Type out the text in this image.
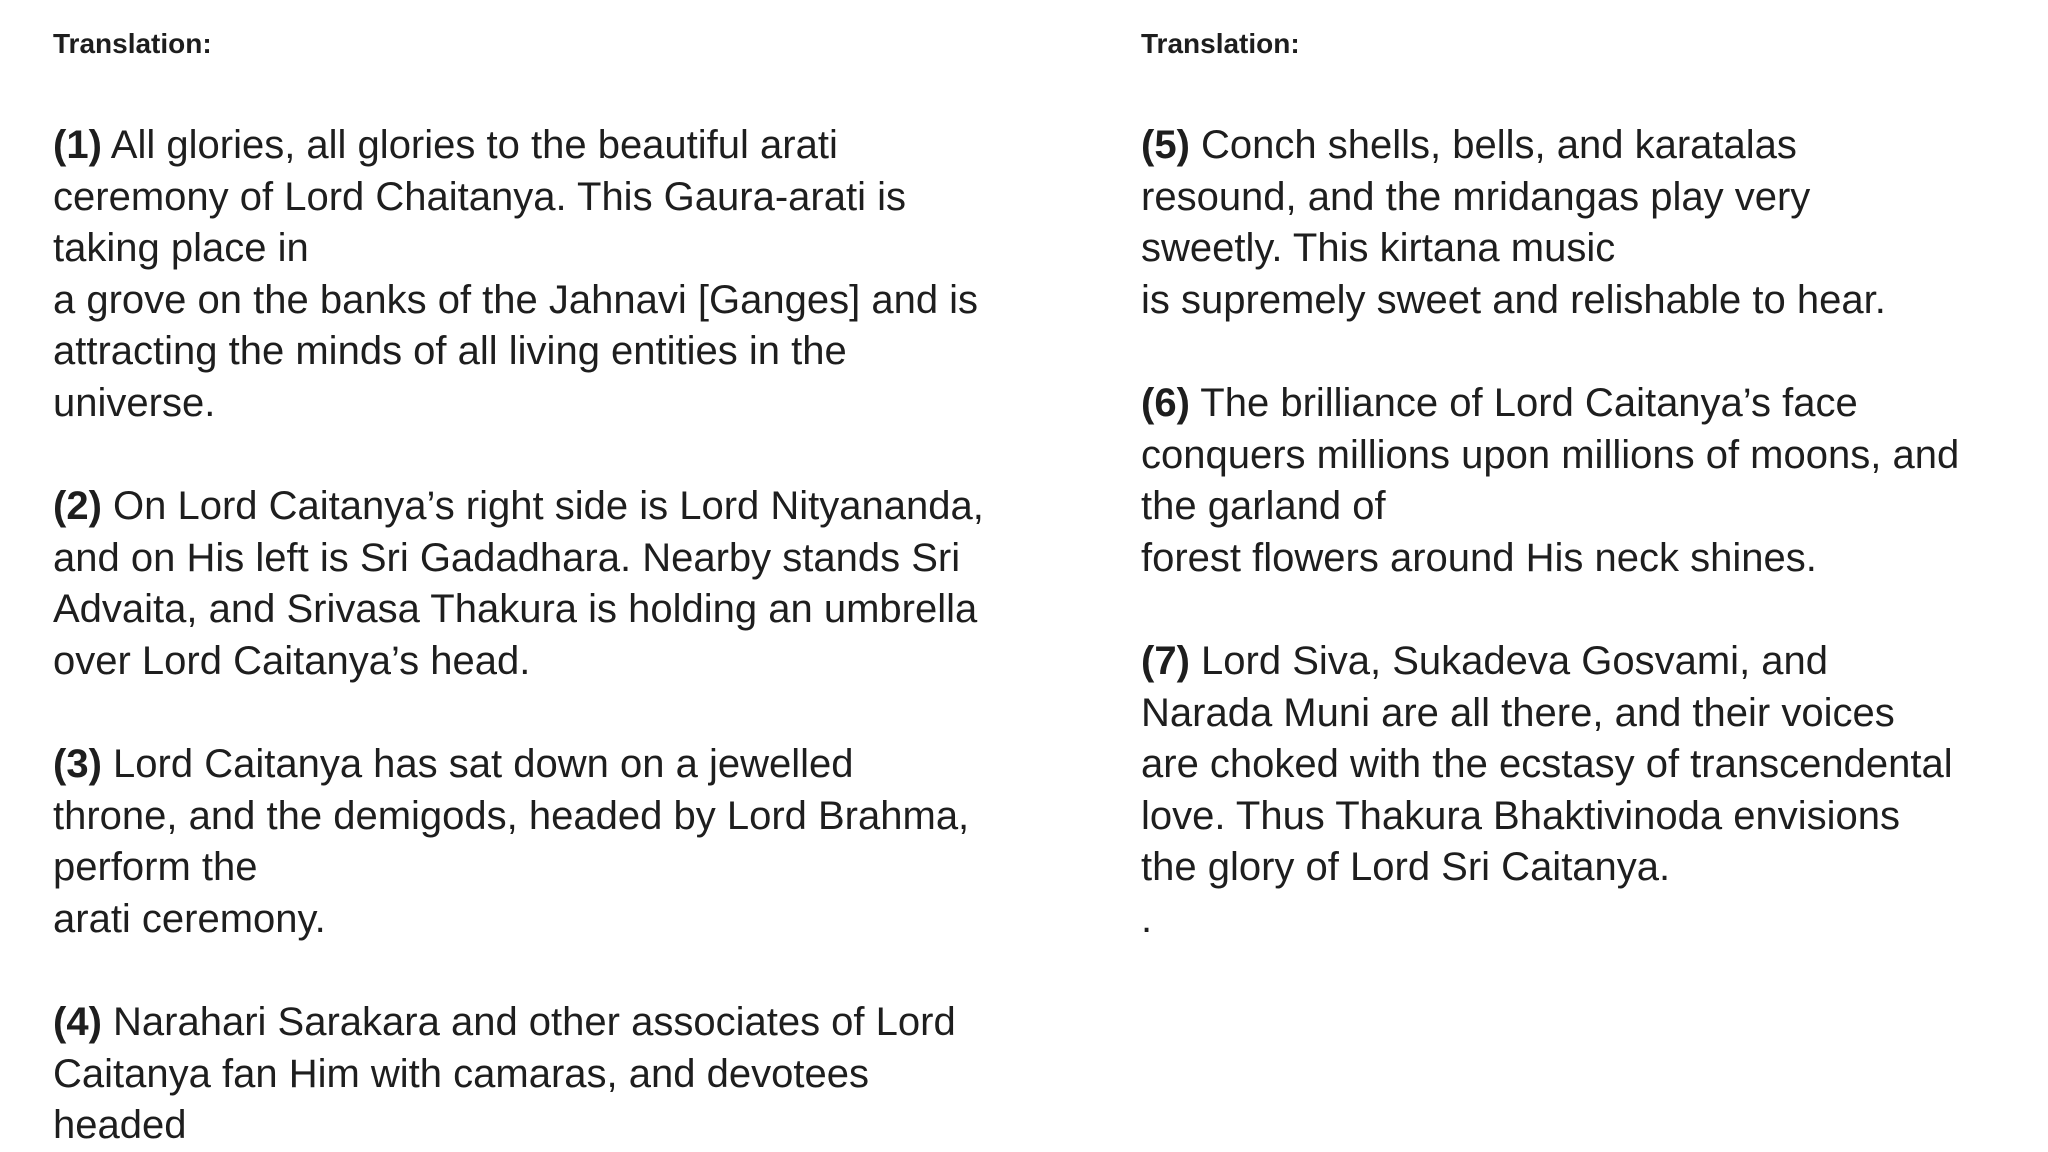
Translation:
(1) All glories, all glories to the beautiful arati
ceremony of Lord Chaitanya. This Gaura-arati is
taking place in
a grove on the banks of the Jahnavi [Ganges] and is
attracting the minds of all living entities in the
universe.
(2) On Lord Caitanya’s right side is Lord Nityananda,
and on His left is Sri Gadadhara. Nearby stands Sri
Advaita, and Srivasa Thakura is holding an umbrella
over Lord Caitanya’s head.
(3) Lord Caitanya has sat down on a jewelled
throne, and the demigods, headed by Lord Brahma,
perform the
arati ceremony.
(4) Narahari Sarakara and other associates of Lord
Caitanya fan Him with camaras, and devotees
headed
Translation:
(5) Conch shells, bells, and karatalas
resound, and the mridangas play very
sweetly. This kirtana music
is supremely sweet and relishable to hear.
(6) The brilliance of Lord Caitanya’s face
conquers millions upon millions of moons, and
the garland of
forest flowers around His neck shines.
(7) Lord Siva, Sukadeva Gosvami, and
Narada Muni are all there, and their voices
are choked with the ecstasy of transcendental
love. Thus Thakura Bhaktivinoda envisions
the glory of Lord Sri Caitanya.
.
